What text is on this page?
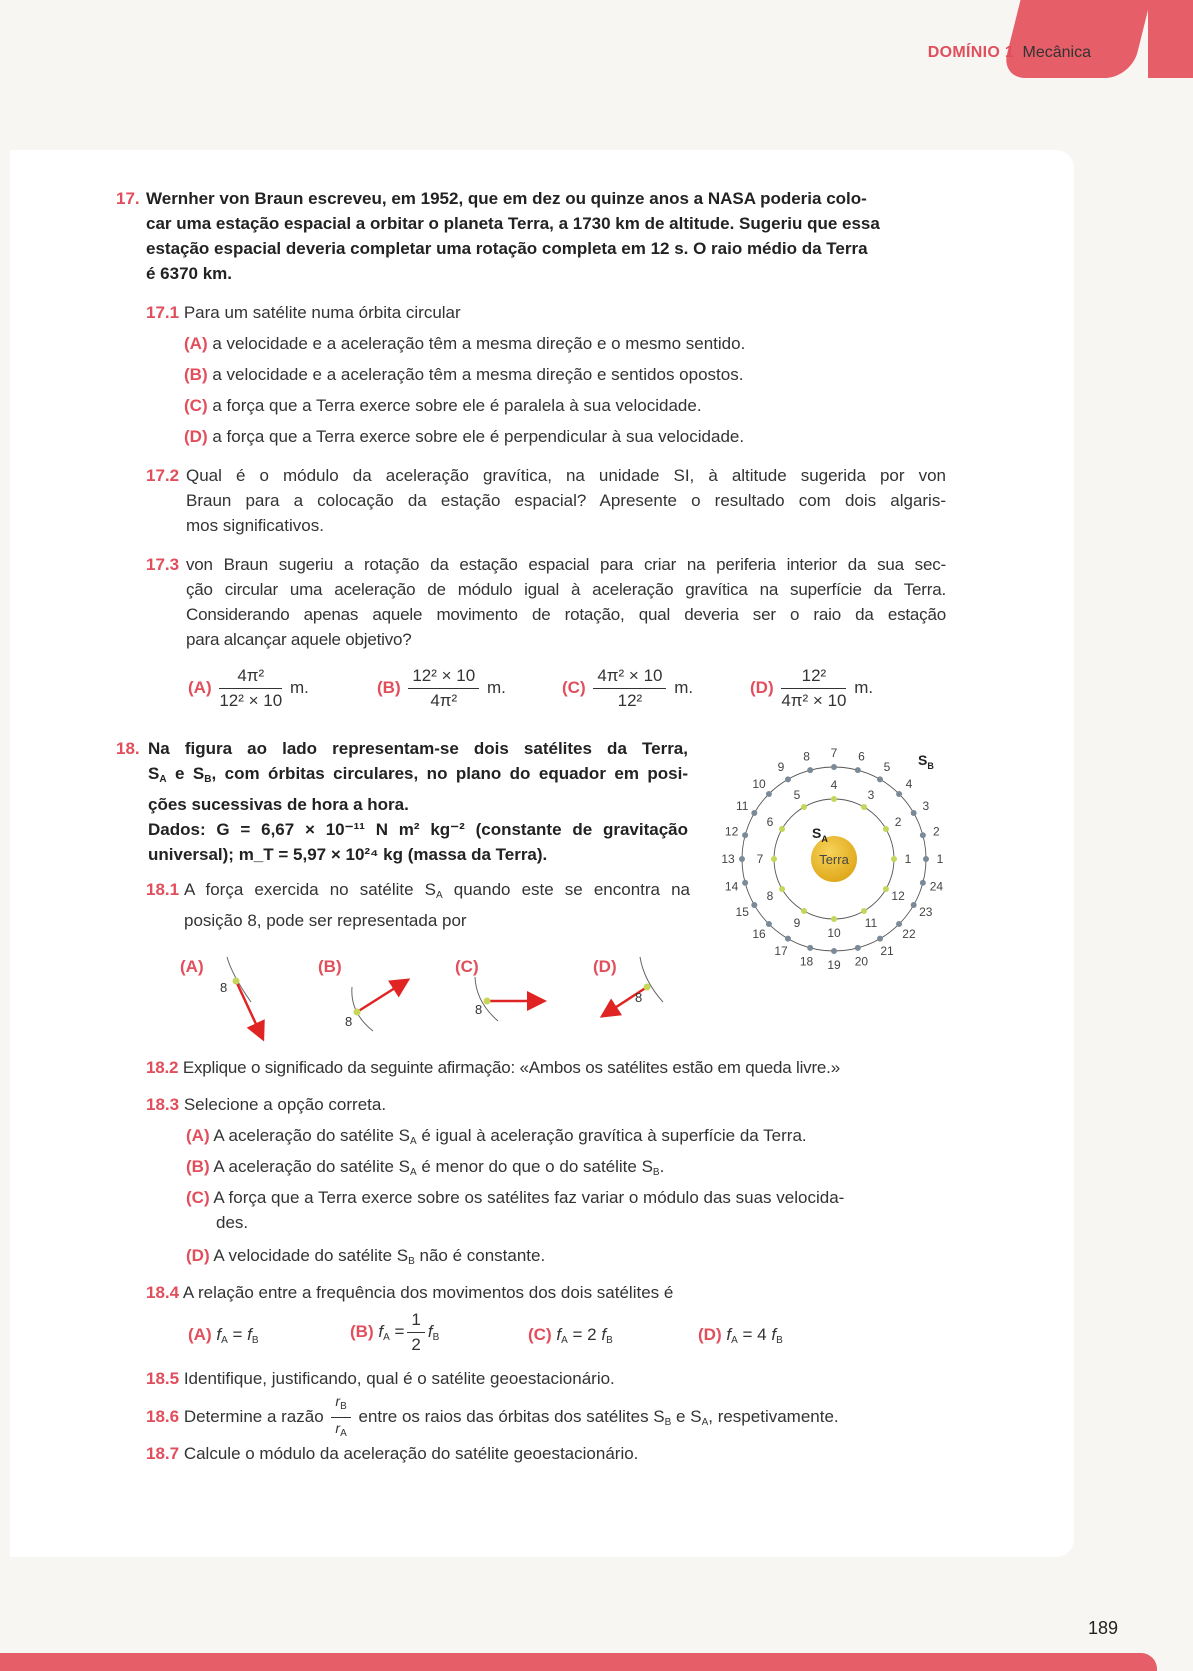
DOMÍNIO 1 Mecânica
17. Wernher von Braun escreveu, em 1952, que em dez ou quinze anos a NASA poderia colo-
car uma estação espacial a orbitar o planeta Terra, a 1730 km de altitude. Sugeriu que essa
estação espacial deveria completar uma rotação completa em 12 s. O raio médio da Terra
é 6370 km.
17.1 Para um satélite numa órbita circular
(A) a velocidade e a aceleração têm a mesma direção e o mesmo sentido.
(B) a velocidade e a aceleração têm a mesma direção e sentidos opostos.
(C) a força que a Terra exerce sobre ele é paralela à sua velocidade.
(D) a força que a Terra exerce sobre ele é perpendicular à sua velocidade.
17.2 Qual é o módulo da aceleração gravítica, na unidade SI, à altitude sugerida por von
Braun para a colocação da estação espacial? Apresente o resultado com dois algaris-
mos significativos.
17.3 von Braun sugeriu a rotação da estação espacial para criar na periferia interior da sua sec-
ção circular uma aceleração de módulo igual à aceleração gravítica na superfície da Terra.
Considerando apenas aquele movimento de rotação, qual deveria ser o raio da estação
para alcançar aquele objetivo?
$(A) \frac{\text{4π²}}{\text{12² × 10}} m$.	$(B) \frac{\text{12² × 10}}{\text{4π²}} m$.	$(C) \frac{\text{4π² × 10}}{\text{12²}} m$.	$(D) \frac{\text{12²}}{\text{4π² × 10}} m$.
18. Na figura ao lado representam-se dois satélites da Terra,
$S_A$ e $S_B$, com órbitas circulares, no plano do equador em posi-
ções sucessivas de hora a hora.
Dados: G = 6,67 × 10⁻¹¹ N m² kg⁻² (constante de gravitação
universal); m_T = 5,97 × 10²⁴ kg (massa da Terra).
18.1 A força exercida no satélite $S_A$ quando este se encontra na
posição 8, pode ser representada por
(A)
8
(B)
8
(C)
8
(D)
8
Terra	1
2
3
4
5
6
7
8
9
10
11
12
1
2
3
4
5
6
7
8
9
10
11
12
13
14
15
16
17
18 19 20
21
22
23
24
$S_A$
$S_B$
18.2 Explique o significado da seguinte afirmação: «Ambos os satélites estão em queda livre.»
18.3 Selecione a opção correta.
(A) A aceleração do satélite $S_A$ é igual à aceleração gravítica à superfície da Terra.
(B) A aceleração do satélite $S_A$ é menor do que o do satélite $S_B$.
(C) A força que a Terra exerce sobre os satélites faz variar o módulo das suas velocida-
des.
(D) A velocidade do satélite $S_B$ não é constante.
18.4 A relação entre a frequência dos movimentos dos dois satélites é
(A) $f_A = f_B$	(B) $f_A = \frac{1}{2} f_B$	(C) $f_A = 2$ $f_B$	(D) $f_A = 4$ $f_B$
18.5 Identifique, justificando, qual é o satélite geoestacionário.
18.6 Determine a razão $\frac{r_B}{r_A}$ entre os raios das órbitas dos satélites $S_B$ e $S_A$, respetivamente.
18.7 Calcule o módulo da aceleração do satélite geoestacionário.
189
